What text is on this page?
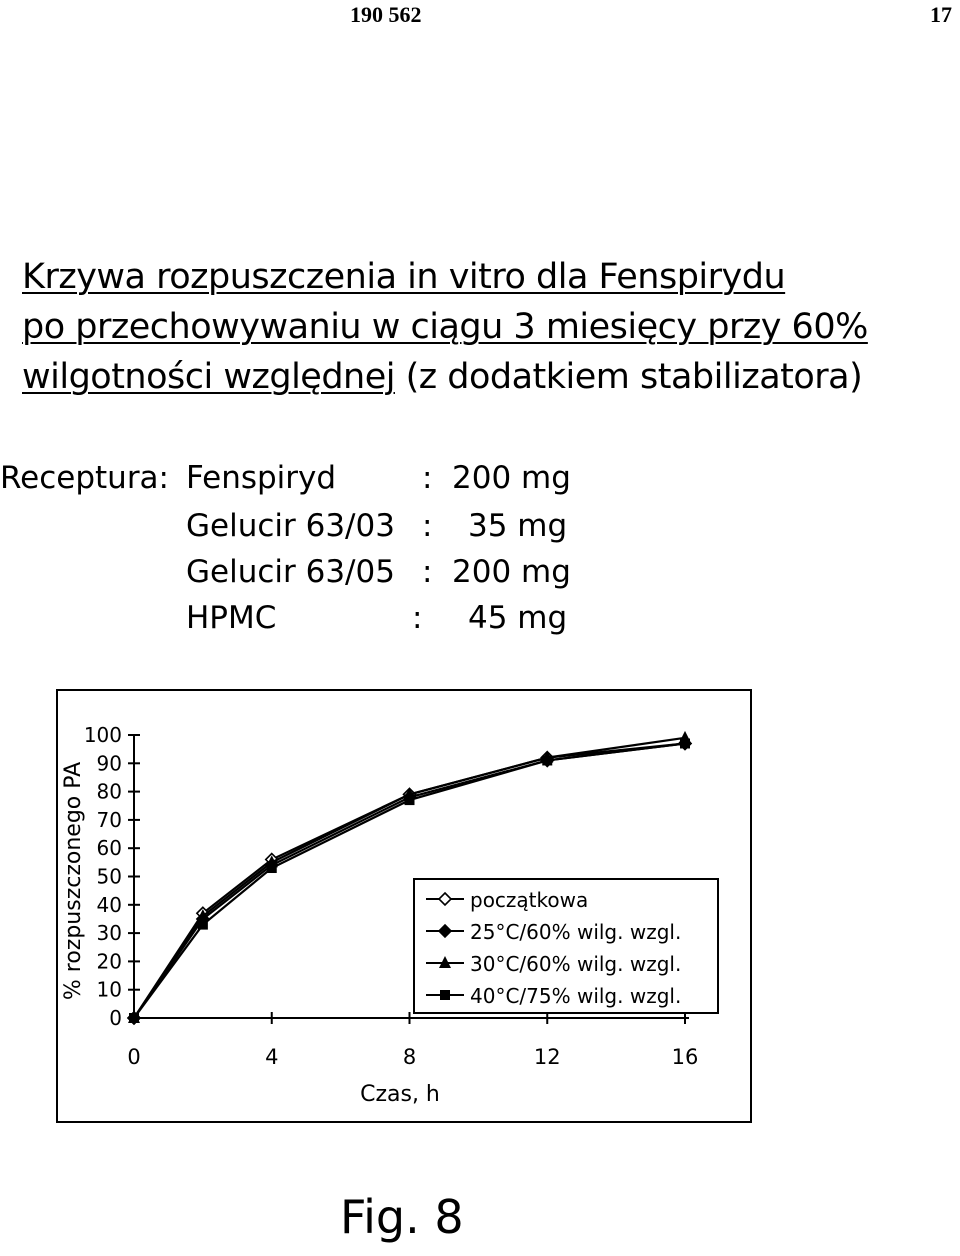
190 562	17
Krzywa rozpuszczenia in vitro dla Fenspirydu
po przechowywaniu w ciągu 3 miesięcy przy 60%
wilgotności względnej (z dodatkiem stabilizatora)
Receptura: Fenspiryd	: 200 mg
Gelucir 63/03 : 35 mg
Gelucir 63/05 : 200 mg
HPMC	: 45 mg
0
10
20
30
40
50
60
70
80
90
100
0	4	8	12	16
początkowa
25°C/60% wilg. wzgl.
30°C/60% wilg. wzgl.
40°C/75% wilg. wzgl.
Czas, h
% rozpuszczonego PA
Fig. 8
